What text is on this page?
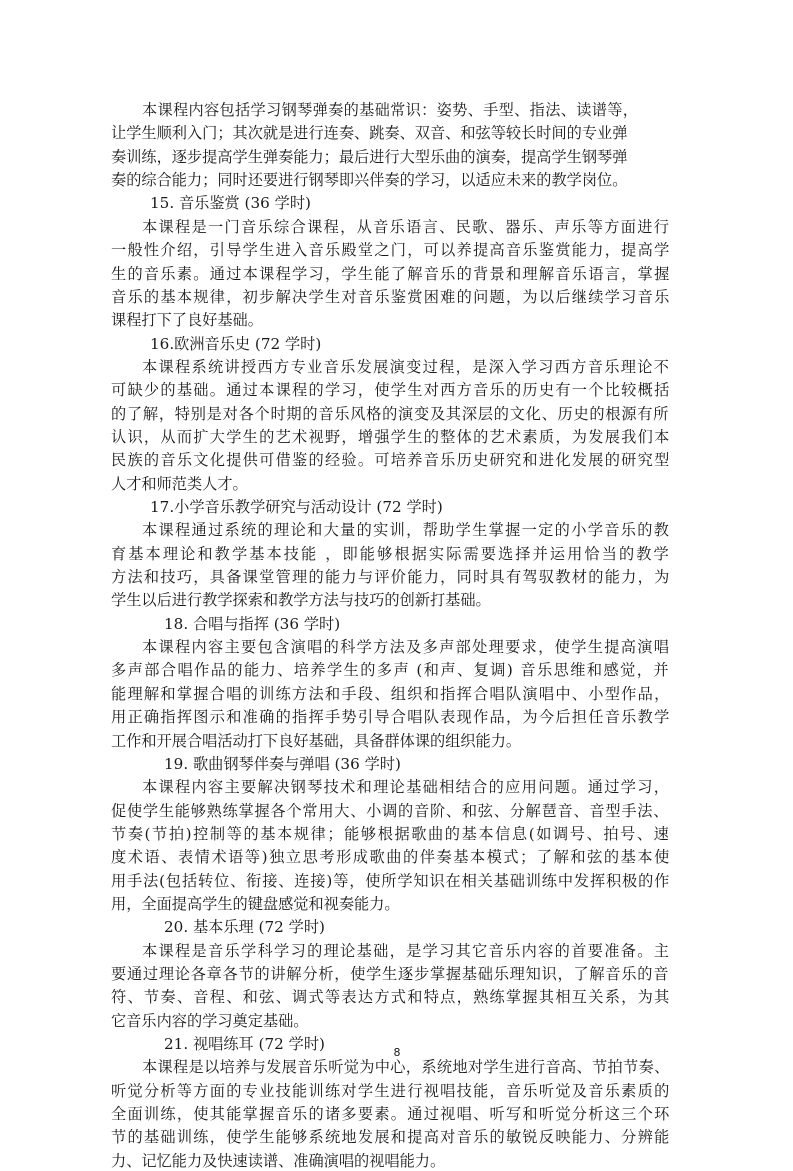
本课程内容包括学习钢琴弹奏的基础常识：姿势、手型、指法、读谱等，
让学生顺利入门；其次就是进行连奏、跳奏、双音、和弦等较长时间的专业弹
奏训练，逐步提高学生弹奏能力；最后进行大型乐曲的演奏，提高学生钢琴弹
奏的综合能力；同时还要进行钢琴即兴伴奏的学习，以适应未来的教学岗位。
15. 音乐鉴赏 (36 学时)
本课程是一门音乐综合课程，从音乐语言、民歌、器乐、声乐等方面进行
一般性介绍，引导学生进入音乐殿堂之门，可以养提高音乐鉴赏能力，提高学
生的音乐素。通过本课程学习，学生能了解音乐的背景和理解音乐语言，掌握
音乐的基本规律，初步解决学生对音乐鉴赏困难的问题，为以后继续学习音乐
课程打下了良好基础。
16.欧洲音乐史 (72 学时)
本课程系统讲授西方专业音乐发展演变过程，是深入学习西方音乐理论不
可缺少的基础。通过本课程的学习，使学生对西方音乐的历史有一个比较概括
的了解，特别是对各个时期的音乐风格的演变及其深层的文化、历史的根源有所
认识，从而扩大学生的艺术视野，增强学生的整体的艺术素质，为发展我们本
民族的音乐文化提供可借鉴的经验。可培养音乐历史研究和进化发展的研究型
人才和师范类人才。
17.小学音乐教学研究与活动设计 (72 学时)
本课程通过系统的理论和大量的实训，帮助学生掌握一定的小学音乐的教
育基本理论和教学基本技能 ，即能够根据实际需要选择并运用恰当的教学
方法和技巧，具备课堂管理的能力与评价能力，同时具有驾驭教材的能力，为
学生以后进行教学探索和教学方法与技巧的创新打基础。
18. 合唱与指挥 (36 学时)
本课程内容主要包含演唱的科学方法及多声部处理要求，使学生提高演唱
多声部合唱作品的能力、培养学生的多声 (和声、复调) 音乐思维和感觉，并
能理解和掌握合唱的训练方法和手段、组织和指挥合唱队演唱中、小型作品，
用正确指挥图示和准确的指挥手势引导合唱队表现作品，为今后担任音乐教学
工作和开展合唱活动打下良好基础，具备群体课的组织能力。
19. 歌曲钢琴伴奏与弹唱 (36 学时)
本课程内容主要解决钢琴技术和理论基础相结合的应用问题。通过学习，
促使学生能够熟练掌握各个常用大、小调的音阶、和弦、分解琶音、音型手法、
节奏(节拍)控制等的基本规律；能够根据歌曲的基本信息(如调号、拍号、速
度术语、表情术语等)独立思考形成歌曲的伴奏基本模式；了解和弦的基本使
用手法(包括转位、衔接、连接)等，使所学知识在相关基础训练中发挥积极的作
用，全面提高学生的键盘感觉和视奏能力。
20. 基本乐理 (72 学时)
本课程是音乐学科学习的理论基础，是学习其它音乐内容的首要准备。主
要通过理论各章各节的讲解分析，使学生逐步掌握基础乐理知识，了解音乐的音
符、节奏、音程、和弦、调式等表达方式和特点，熟练掌握其相互关系，为其
它音乐内容的学习奠定基础。
21. 视唱练耳 (72 学时)
本课程是以培养与发展音乐听觉为中心，系统地对学生进行音高、节拍节奏、
听觉分析等方面的专业技能训练对学生进行视唱技能，音乐听觉及音乐素质的
全面训练，使其能掌握音乐的诸多要素。通过视唱、听写和听觉分析这三个环
节的基础训练，使学生能够系统地发展和提高对音乐的敏锐反映能力、分辨能
力、记忆能力及快速读谱、准确演唱的视唱能力。
8
